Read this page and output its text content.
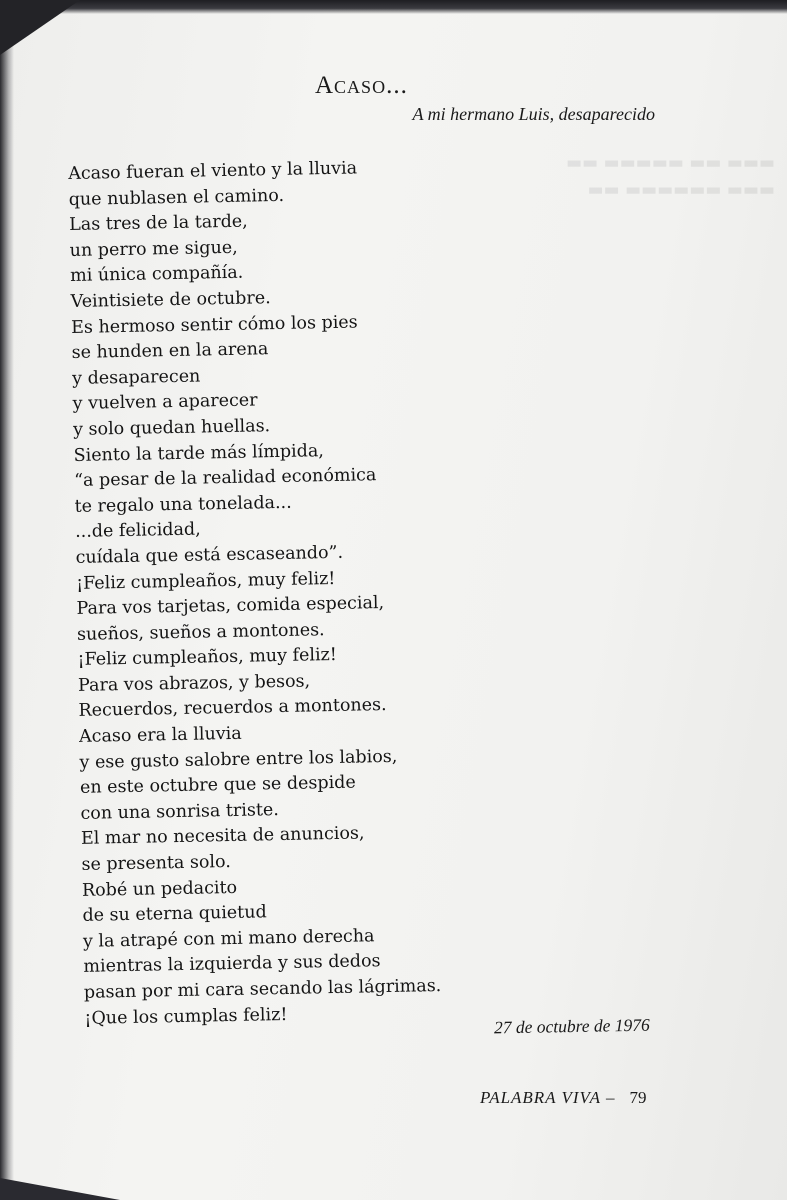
▬▬▬ ▬▬ ▬▬▬▬▬ ▬▬
▬▬▬ ▬▬▬▬▬▬ ▬▬
Acaso...
A mi hermano Luis, desaparecido
Acaso fueran el viento y la lluvia
que nublasen el camino.
Las tres de la tarde,
un perro me sigue,
mi única compañía.
Veintisiete de octubre.
Es hermoso sentir cómo los pies
se hunden en la arena
y desaparecen
y vuelven a aparecer
y solo quedan huellas.
Siento la tarde más límpida,
“a pesar de la realidad económica
te regalo una tonelada...
...de felicidad,
cuídala que está escaseando”.
¡Feliz cumpleaños, muy feliz!
Para vos tarjetas, comida especial,
sueños, sueños a montones.
¡Feliz cumpleaños, muy feliz!
Para vos abrazos, y besos,
Recuerdos, recuerdos a montones.
Acaso era la lluvia
y ese gusto salobre entre los labios,
en este octubre que se despide
con una sonrisa triste.
El mar no necesita de anuncios,
se presenta solo.
Robé un pedacito
de su eterna quietud
y la atrapé con mi mano derecha
mientras la izquierda y sus dedos
pasan por mi cara secando las lágrimas.
¡Que los cumplas feliz!	27 de octubre de 1976
PALABRA VIVA – 79
